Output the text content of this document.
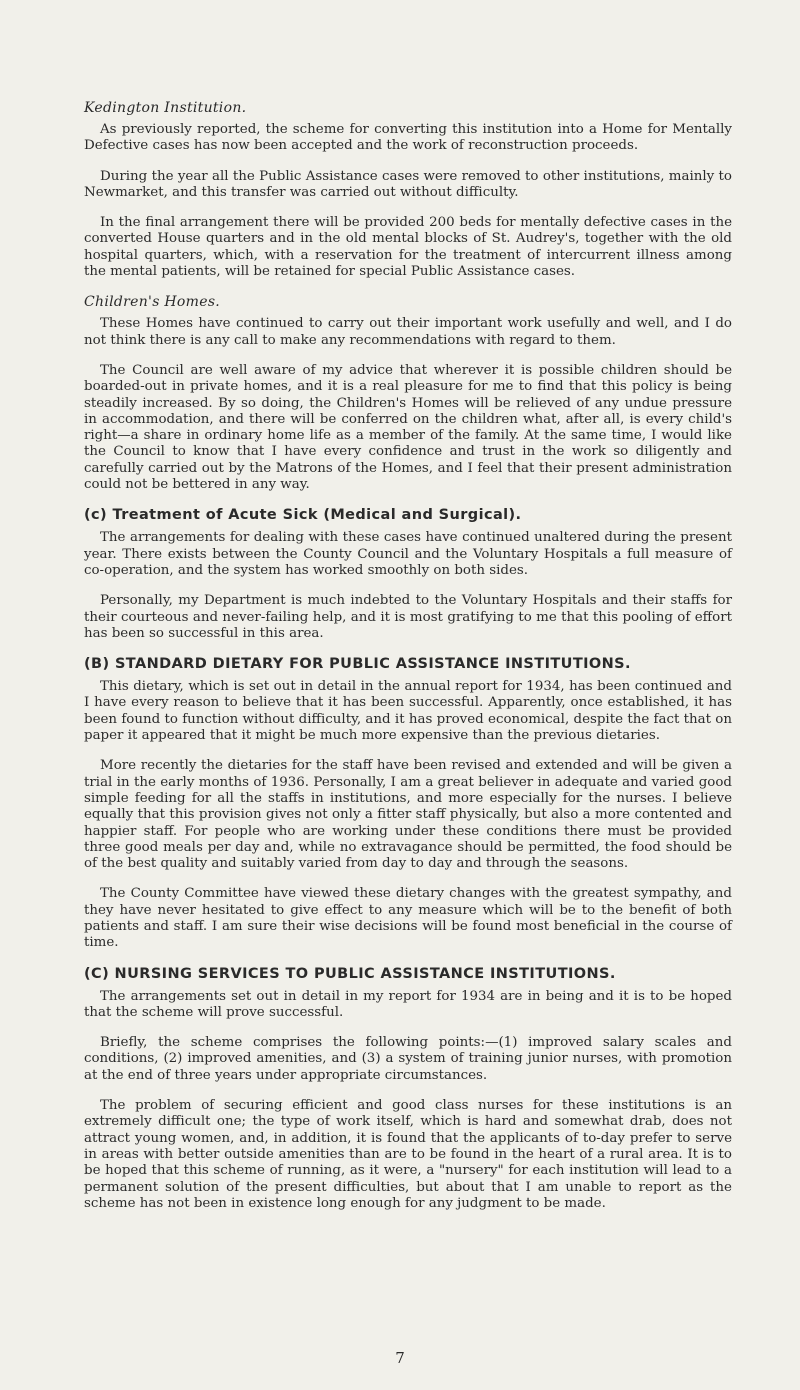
Kedington Institution.

As previously reported, the scheme for converting this institution into a Home for Mentally Defective cases has now been accepted and the work of reconstruction proceeds.

During the year all the Public Assistance cases were removed to other institutions, mainly to Newmarket, and this transfer was carried out without difficulty.

In the final arrangement there will be provided 200 beds for mentally defective cases in the converted House quarters and in the old mental blocks of St. Audrey's, together with the old hospital quarters, which, with a reservation for the treatment of intercurrent illness among the mental patients, will be retained for special Public Assistance cases.

Children's Homes.

These Homes have continued to carry out their important work usefully and well, and I do not think there is any call to make any recommendations with regard to them.

The Council are well aware of my advice that wherever it is possible children should be boarded-out in private homes, and it is a real pleasure for me to find that this policy is being steadily increased. By so doing, the Children's Homes will be relieved of any undue pressure in accommodation, and there will be conferred on the children what, after all, is every child's right—a share in ordinary home life as a member of the family. At the same time, I would like the Council to know that I have every confidence and trust in the work so diligently and carefully carried out by the Matrons of the Homes, and I feel that their present administration could not be bettered in any way.

(c) Treatment of Acute Sick (Medical and Surgical).

The arrangements for dealing with these cases have continued unaltered during the present year. There exists between the County Council and the Voluntary Hospitals a full measure of co-operation, and the system has worked smoothly on both sides.

Personally, my Department is much indebted to the Voluntary Hospitals and their staffs for their courteous and never-failing help, and it is most gratifying to me that this pooling of effort has been so successful in this area.

(B) STANDARD DIETARY FOR PUBLIC ASSISTANCE INSTITUTIONS.

This dietary, which is set out in detail in the annual report for 1934, has been continued and I have every reason to believe that it has been successful. Apparently, once established, it has been found to function without difficulty, and it has proved economical, despite the fact that on paper it appeared that it might be much more expensive than the previous dietaries.

More recently the dietaries for the staff have been revised and extended and will be given a trial in the early months of 1936. Personally, I am a great believer in adequate and varied good simple feeding for all the staffs in institutions, and more especially for the nurses. I believe equally that this provision gives not only a fitter staff physically, but also a more contented and happier staff. For people who are working under these conditions there must be provided three good meals per day and, while no extravagance should be permitted, the food should be of the best quality and suitably varied from day to day and through the seasons.

The County Committee have viewed these dietary changes with the greatest sympathy, and they have never hesitated to give effect to any measure which will be to the benefit of both patients and staff. I am sure their wise decisions will be found most beneficial in the course of time.

(C) NURSING SERVICES TO PUBLIC ASSISTANCE INSTITUTIONS.

The arrangements set out in detail in my report for 1934 are in being and it is to be hoped that the scheme will prove successful.

Briefly, the scheme comprises the following points:—(1) improved salary scales and conditions, (2) improved amenities, and (3) a system of training junior nurses, with promotion at the end of three years under appropriate circumstances.

The problem of securing efficient and good class nurses for these institutions is an extremely difficult one; the type of work itself, which is hard and somewhat drab, does not attract young women, and, in addition, it is found that the applicants of to-day prefer to serve in areas with better outside amenities than are to be found in the heart of a rural area. It is to be hoped that this scheme of running, as it were, a "nursery" for each institution will lead to a permanent solution of the present difficulties, but about that I am unable to report as the scheme has not been in existence long enough for any judgment to be made.

7
